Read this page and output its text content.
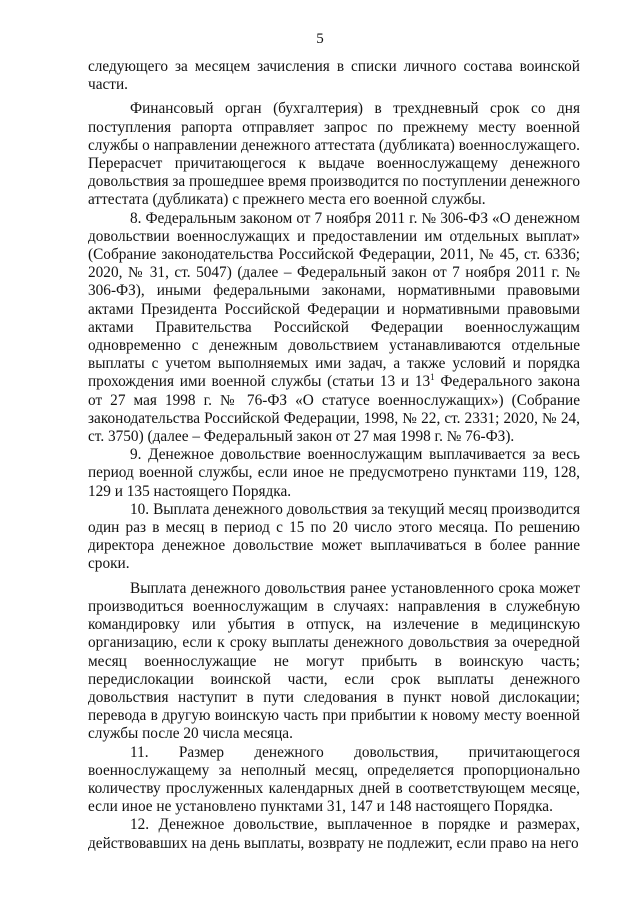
5

следующего за месяцем зачисления в списки личного состава воинской части.

Финансовый орган (бухгалтерия) в трехдневный срок со дня поступления рапорта отправляет запрос по прежнему месту военной службы о направлении денежного аттестата (дубликата) военнослужащего. Перерасчет причитающегося к выдаче военнослужащему денежного довольствия за прошедшее время производится по поступлении денежного аттестата (дубликата) с прежнего места его военной службы.

8. Федеральным законом от 7 ноября 2011 г. № 306-ФЗ «О денежном довольствии военнослужащих и предоставлении им отдельных выплат» (Собрание законодательства Российской Федерации, 2011, № 45, ст. 6336; 2020, № 31, ст. 5047) (далее – Федеральный закон от 7 ноября 2011 г. № 306-ФЗ), иными федеральными законами, нормативными правовыми актами Президента Российской Федерации и нормативными правовыми актами Правительства Российской Федерации военнослужащим одновременно с денежным довольствием устанавливаются отдельные выплаты с учетом выполняемых ими задач, а также условий и порядка прохождения ими военной службы (статьи 13 и $13^1$ Федерального закона от 27 мая 1998 г. № 76-ФЗ «О статусе военнослужащих») (Собрание законодательства Российской Федерации, 1998, № 22, ст. 2331; 2020, № 24, ст. 3750) (далее – Федеральный закон от 27 мая 1998 г. № 76-ФЗ).

9. Денежное довольствие военнослужащим выплачивается за весь период военной службы, если иное не предусмотрено пунктами 119, 128, 129 и 135 настоящего Порядка.

10. Выплата денежного довольствия за текущий месяц производится один раз в месяц в период с 15 по 20 число этого месяца. По решению директора денежное довольствие может выплачиваться в более ранние сроки.

Выплата денежного довольствия ранее установленного срока может производиться военнослужащим в случаях: направления в служебную командировку или убытия в отпуск, на излечение в медицинскую организацию, если к сроку выплаты денежного довольствия за очередной месяц военнослужащие не могут прибыть в воинскую часть; передислокации воинской части, если срок выплаты денежного довольствия наступит в пути следования в пункт новой дислокации; перевода в другую воинскую часть при прибытии к новому месту военной службы после 20 числа месяца.

11. Размер денежного довольствия, причитающегося военнослужащему за неполный месяц, определяется пропорционально количеству прослуженных календарных дней в соответствующем месяце, если иное не установлено пунктами 31, 147 и 148 настоящего Порядка.

12. Денежное довольствие, выплаченное в порядке и размерах, действовавших на день выплаты, возврату не подлежит, если право на него
